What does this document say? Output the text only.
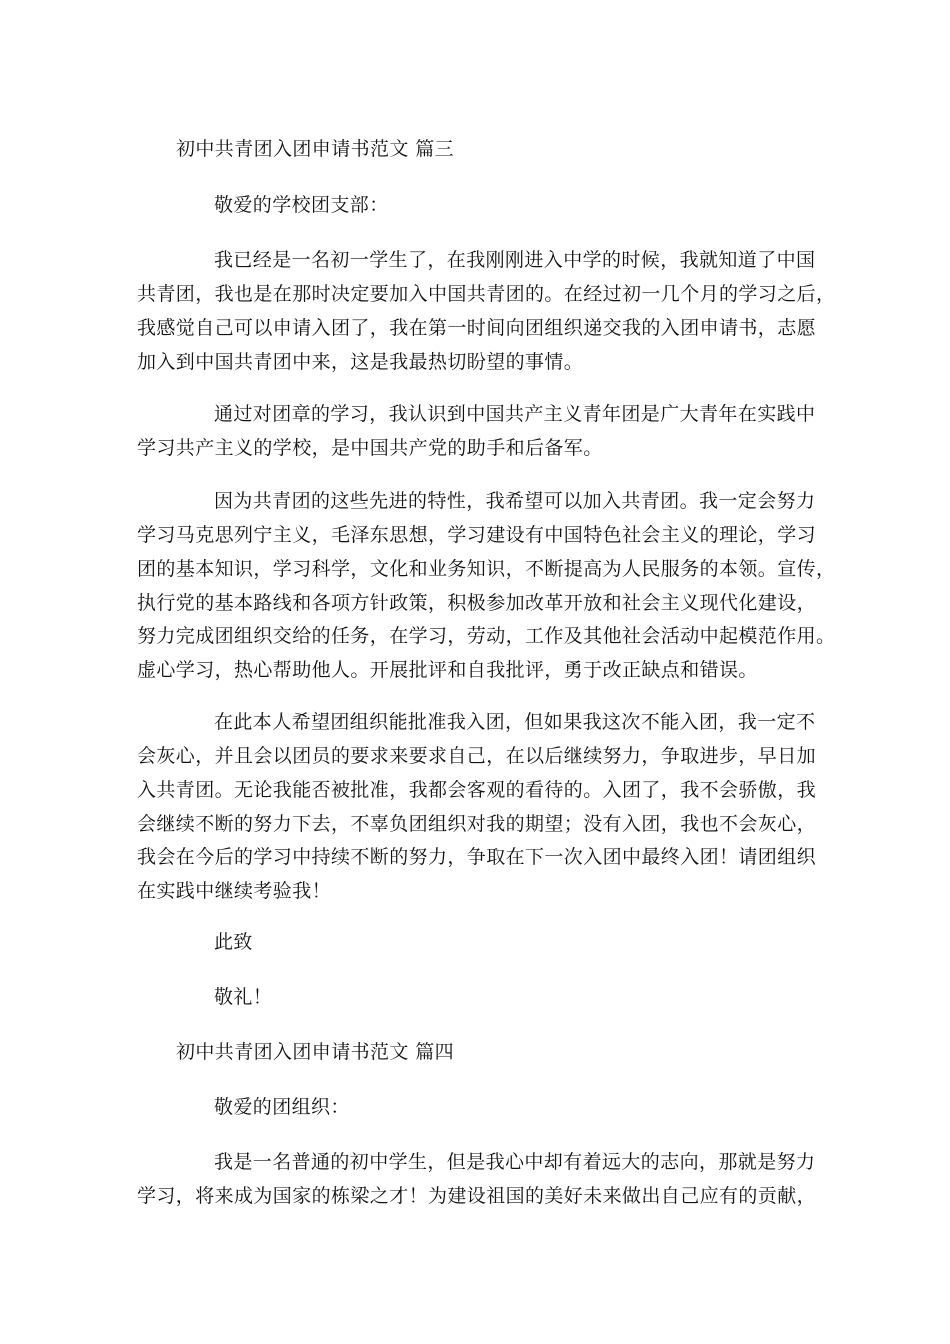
初中共青团入团申请书范文 篇三
敬爱的学校团支部：
我已经是一名初一学生了，在我刚刚进入中学的时候，我就知道了中国
共青团，我也是在那时决定要加入中国共青团的。在经过初一几个月的学习之后，
我感觉自己可以申请入团了，我在第一时间向团组织递交我的入团申请书，志愿
加入到中国共青团中来，这是我最热切盼望的事情。
通过对团章的学习，我认识到中国共产主义青年团是广大青年在实践中
学习共产主义的学校，是中国共产党的助手和后备军。
因为共青团的这些先进的特性，我希望可以加入共青团。我一定会努力
学习马克思列宁主义，毛泽东思想，学习建设有中国特色社会主义的理论，学习
团的基本知识，学习科学，文化和业务知识，不断提高为人民服务的本领。宣传，
执行党的基本路线和各项方针政策，积极参加改革开放和社会主义现代化建设，
努力完成团组织交给的任务，在学习，劳动，工作及其他社会活动中起模范作用。
虚心学习，热心帮助他人。开展批评和自我批评，勇于改正缺点和错误。
在此本人希望团组织能批准我入团，但如果我这次不能入团，我一定不
会灰心，并且会以团员的要求来要求自己，在以后继续努力，争取进步，早日加
入共青团。无论我能否被批准，我都会客观的看待的。入团了，我不会骄傲，我
会继续不断的努力下去，不辜负团组织对我的期望；没有入团，我也不会灰心，
我会在今后的学习中持续不断的努力，争取在下一次入团中最终入团！请团组织
在实践中继续考验我！
此致
敬礼！
初中共青团入团申请书范文 篇四
敬爱的团组织：
我是一名普通的初中学生，但是我心中却有着远大的志向，那就是努力
学习，将来成为国家的栋梁之才！为建设祖国的美好未来做出自己应有的贡献，
